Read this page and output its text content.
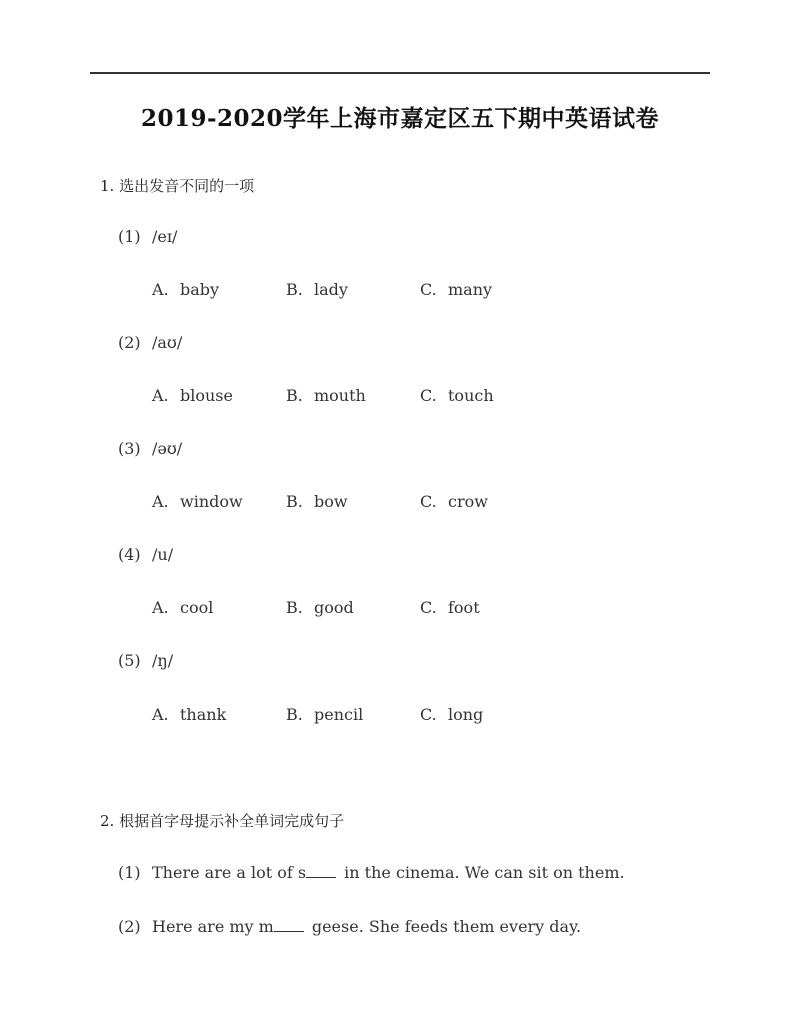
2019-2020学年上海市嘉定区五下期中英语试卷
1. 选出发音不同的一项
(1) /eɪ/
A. baby	B. lady	C. many
(2) /aʊ/
A. blouse	B. mouth	C. touch
(3) /əʊ/
A. window	B. bow	C. crow
(4) /u/
A. cool	B. good	C. foot
(5) /ŋ/
A. thank	B. pencil	C. long
2. 根据首字母提示补全单词完成句子
(1) There are a lot of s in the cinema. We can sit on them.
(2) Here are my m geese. She feeds them every day.
